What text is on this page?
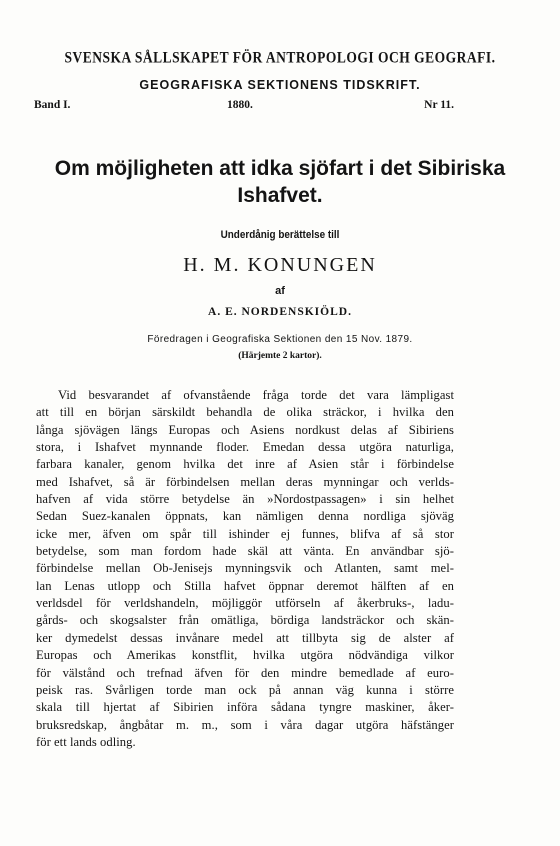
SVENSKA SÅLLSKAPET FÖR ANTROPOLOGI OCH GEOGRAFI.
GEOGRAFISKA SEKTIONENS TIDSKRIFT.
Band I.	1880.	Nr 11.
Om möjligheten att idka sjöfart i det Sibiriska
Ishafvet.
Underdånig berättelse till
H. M. KONUNGEN
af
A. E. NORDENSKIÖLD.
Föredragen i Geografiska Sektionen den 15 Nov. 1879.
(Härjemte 2 kartor).
Vid besvarandet af ofvanstående fråga torde det vara lämpligast
att till en början särskildt behandla de olika sträckor, i hvilka den
långa sjövägen längs Europas och Asiens nordkust delas af Sibiriens
stora, i Ishafvet mynnande floder. Emedan dessa utgöra naturliga,
farbara kanaler, genom hvilka det inre af Asien står i förbindelse
med Ishafvet, så är förbindelsen mellan deras mynningar och verlds-
hafven af vida större betydelse än »Nordostpassagen» i sin helhet
Sedan Suez-kanalen öppnats, kan nämligen denna nordliga sjöväg
icke mer, äfven om spår till ishinder ej funnes, blifva af så stor
betydelse, som man fordom hade skäl att vänta. En användbar sjö-
förbindelse mellan Ob-Jenisejs mynningsvik och Atlanten, samt mel-
lan Lenas utlopp och Stilla hafvet öppnar deremot hälften af en
verldsdel för verldshandeln, möjliggör utförseln af åkerbruks-, ladu-
gårds- och skogsalster från omätliga, bördiga landsträckor och skän-
ker dymedelst dessas invånare medel att tillbyta sig de alster af
Europas och Amerikas konstflit, hvilka utgöra nödvändiga vilkor
för välstånd och trefnad äfven för den mindre bemedlade af euro-
peisk ras. Svårligen torde man ock på annan väg kunna i större
skala till hjertat af Sibirien införa sådana tyngre maskiner, åker-
bruksredskap, ångbåtar m. m., som i våra dagar utgöra häfstänger
för ett lands odling.
